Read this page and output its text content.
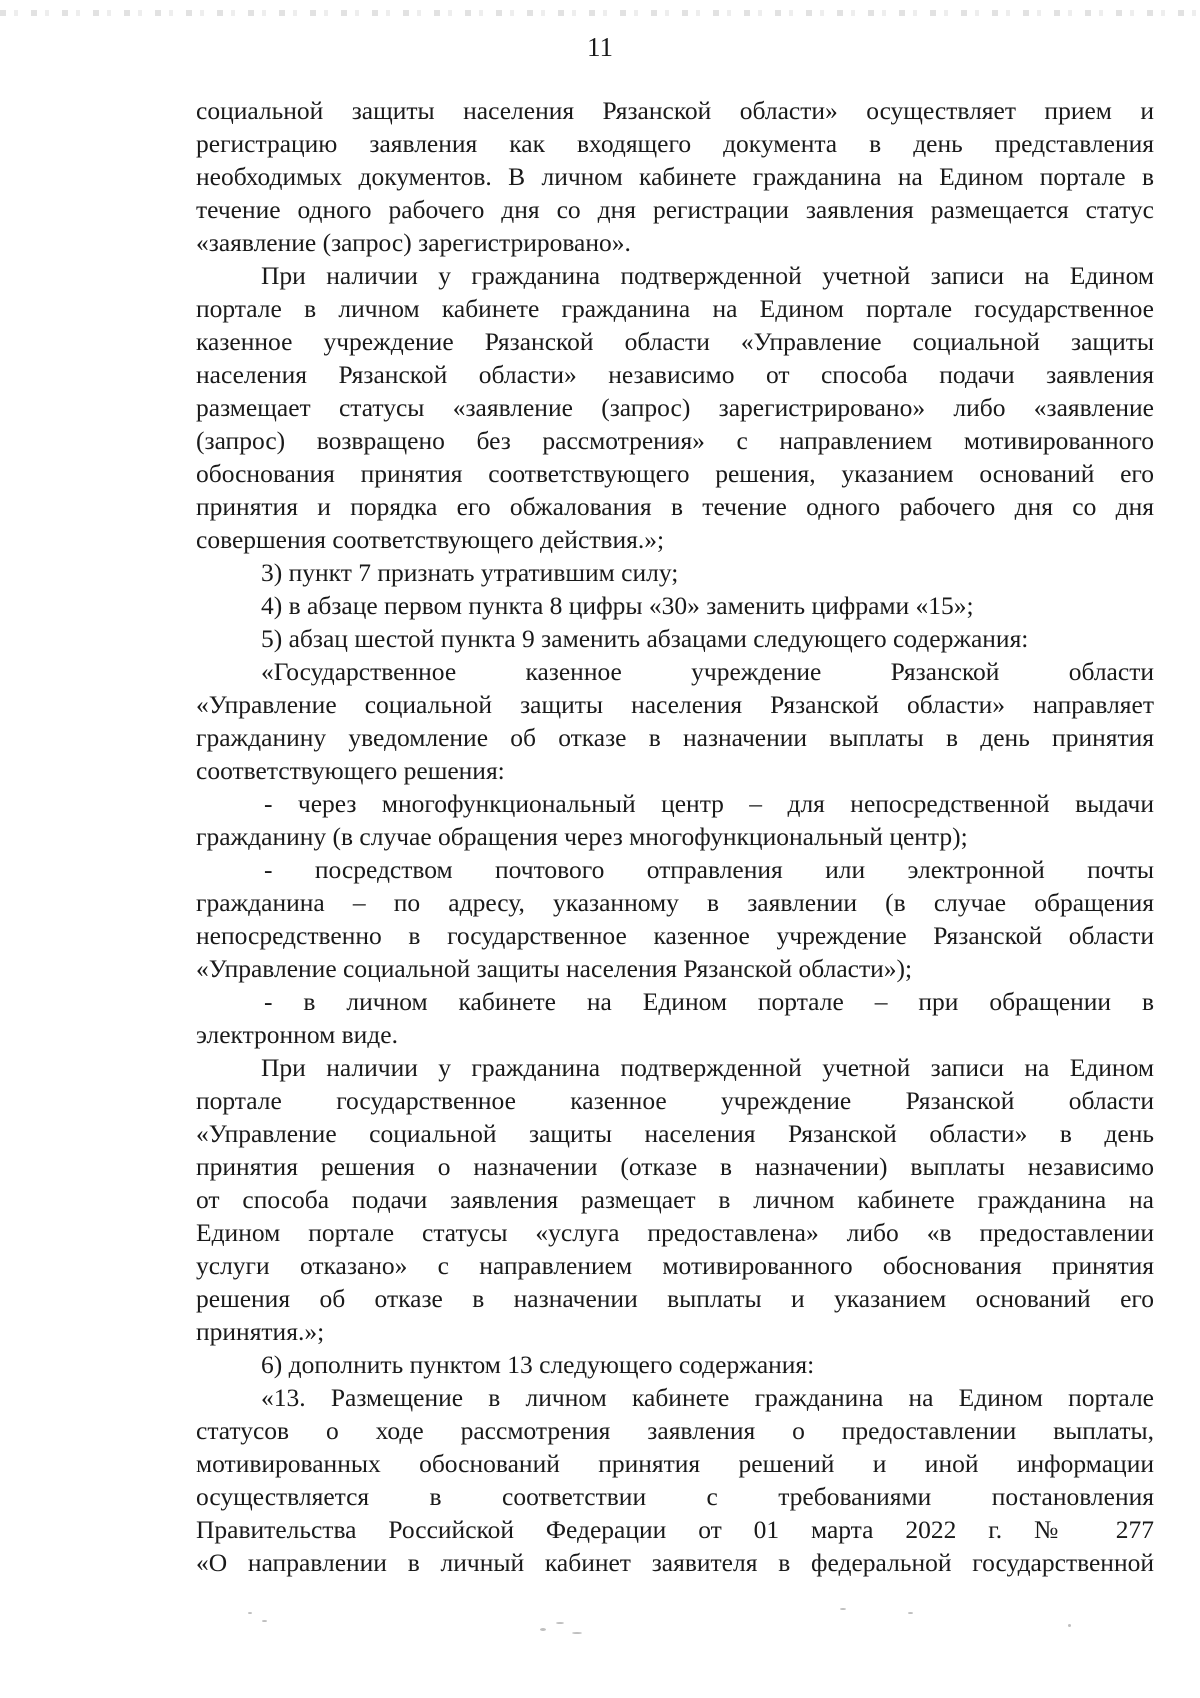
11
социальной защиты населения Рязанской области» осуществляет прием и
регистрацию заявления как входящего документа в день представления
необходимых документов. В личном кабинете гражданина на Едином портале в
течение одного рабочего дня со дня регистрации заявления размещается статус
«заявление (запрос) зарегистрировано».
При наличии у гражданина подтвержденной учетной записи на Едином
портале в личном кабинете гражданина на Едином портале государственное
казенное учреждение Рязанской области «Управление социальной защиты
населения Рязанской области» независимо от способа подачи заявления
размещает статусы «заявление (запрос) зарегистрировано» либо «заявление
(запрос) возвращено без рассмотрения» с направлением мотивированного
обоснования принятия соответствующего решения, указанием оснований его
принятия и порядка его обжалования в течение одного рабочего дня со дня
совершения соответствующего действия.»;
3) пункт 7 признать утратившим силу;
4) в абзаце первом пункта 8 цифры «30» заменить цифрами «15»;
5) абзац шестой пункта 9 заменить абзацами следующего содержания:
«Государственное казенное учреждение Рязанской области
«Управление социальной защиты населения Рязанской области» направляет
гражданину уведомление об отказе в назначении выплаты в день принятия
соответствующего решения:
- через многофункциональный центр – для непосредственной выдачи
гражданину (в случае обращения через многофункциональный центр);
- посредством почтового отправления или электронной почты
гражданина – по адресу, указанному в заявлении (в случае обращения
непосредственно в государственное казенное учреждение Рязанской области
«Управление социальной защиты населения Рязанской области»);
- в личном кабинете на Едином портале – при обращении в
электронном виде.
При наличии у гражданина подтвержденной учетной записи на Едином
портале государственное казенное учреждение Рязанской области
«Управление социальной защиты населения Рязанской области» в день
принятия решения о назначении (отказе в назначении) выплаты независимо
от способа подачи заявления размещает в личном кабинете гражданина на
Едином портале статусы «услуга предоставлена» либо «в предоставлении
услуги отказано» с направлением мотивированного обоснования принятия
решения об отказе в назначении выплаты и указанием оснований его
принятия.»;
6) дополнить пунктом 13 следующего содержания:
«13. Размещение в личном кабинете гражданина на Едином портале
статусов о ходе рассмотрения заявления о предоставлении выплаты,
мотивированных обоснований принятия решений и иной информации
осуществляется в соответствии с требованиями постановления
Правительства Российской Федерации от 01 марта 2022 г. № 277
«О направлении в личный кабинет заявителя в федеральной государственной
